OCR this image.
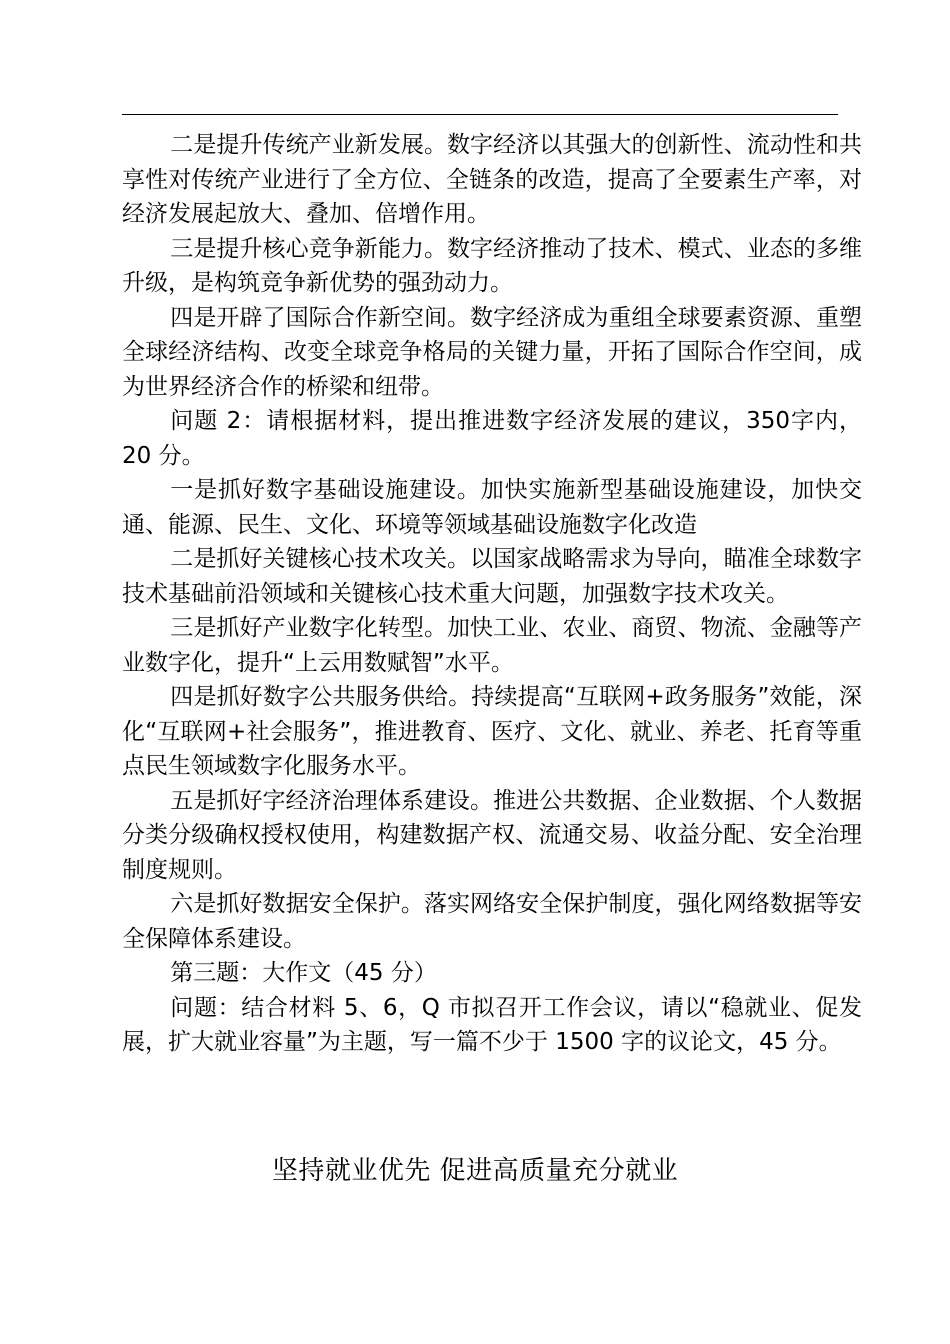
二是提升传统产业新发展。数字经济以其强大的创新性、流动性和共享性对传统产业进行了全方位、全链条的改造，提高了全要素生产率，对经济发展起放大、叠加、倍增作用。

三是提升核心竞争新能力。数字经济推动了技术、模式、业态的多维升级，是构筑竞争新优势的强劲动力。

四是开辟了国际合作新空间。数字经济成为重组全球要素资源、重塑全球经济结构、改变全球竞争格局的关键力量，开拓了国际合作空间，成为世界经济合作的桥梁和纽带。

问题 2：请根据材料，提出推进数字经济发展的建议，350字内，20 分。

一是抓好数字基础设施建设。加快实施新型基础设施建设，加快交通、能源、民生、文化、环境等领域基础设施数字化改造

二是抓好关键核心技术攻关。以国家战略需求为导向，瞄准全球数字技术基础前沿领域和关键核心技术重大问题，加强数字技术攻关。

三是抓好产业数字化转型。加快工业、农业、商贸、物流、金融等产业数字化，提升“上云用数赋智”水平。

四是抓好数字公共服务供给。持续提高“互联网+政务服务”效能，深化“互联网+社会服务”，推进教育、医疗、文化、就业、养老、托育等重点民生领域数字化服务水平。

五是抓好字经济治理体系建设。推进公共数据、企业数据、个人数据分类分级确权授权使用，构建数据产权、流通交易、收益分配、安全治理制度规则。

六是抓好数据安全保护。落实网络安全保护制度，强化网络数据等安全保障体系建设。

第三题：大作文（45 分）

问题：结合材料 5、6，Q 市拟召开工作会议，请以“稳就业、促发展，扩大就业容量”为主题，写一篇不少于 1500 字的议论文，45 分。

坚持就业优先 促进高质量充分就业
